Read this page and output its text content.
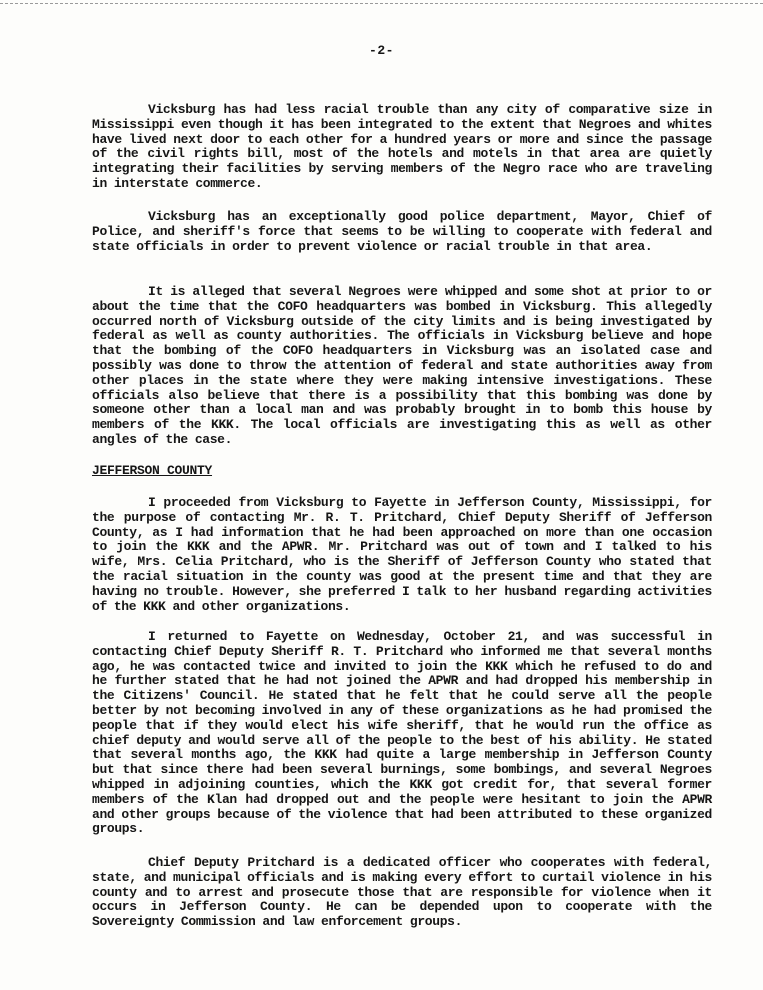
-2-

Vicksburg has had less racial trouble than any city of comparative size in Mississippi even though it has been integrated to the extent that Negroes and whites have lived next door to each other for a hundred years or more and since the passage of the civil rights bill, most of the hotels and motels in that area are quietly integrating their facilities by serving members of the Negro race who are traveling in interstate commerce.

Vicksburg has an exceptionally good police department, Mayor, Chief of Police, and sheriff's force that seems to be willing to cooperate with federal and state officials in order to prevent violence or racial trouble in that area.

It is alleged that several Negroes were whipped and some shot at prior to or about the time that the COFO headquarters was bombed in Vicksburg. This allegedly occurred north of Vicksburg outside of the city limits and is being investigated by federal as well as county authorities. The officials in Vicksburg believe and hope that the bombing of the COFO headquarters in Vicksburg was an isolated case and possibly was done to throw the attention of federal and state authorities away from other places in the state where they were making intensive investigations. These officials also believe that there is a possibility that this bombing was done by someone other than a local man and was probably brought in to bomb this house by members of the KKK. The local officials are investigating this as well as other angles of the case.

JEFFERSON COUNTY

I proceeded from Vicksburg to Fayette in Jefferson County, Mississippi, for the purpose of contacting Mr. R. T. Pritchard, Chief Deputy Sheriff of Jefferson County, as I had information that he had been approached on more than one occasion to join the KKK and the APWR. Mr. Pritchard was out of town and I talked to his wife, Mrs. Celia Pritchard, who is the Sheriff of Jefferson County who stated that the racial situation in the county was good at the present time and that they are having no trouble. However, she preferred I talk to her husband regarding activities of the KKK and other organizations.

I returned to Fayette on Wednesday, October 21, and was successful in contacting Chief Deputy Sheriff R. T. Pritchard who informed me that several months ago, he was contacted twice and invited to join the KKK which he refused to do and he further stated that he had not joined the APWR and had dropped his membership in the Citizens' Council. He stated that he felt that he could serve all the people better by not becoming involved in any of these organizations as he had promised the people that if they would elect his wife sheriff, that he would run the office as chief deputy and would serve all of the people to the best of his ability. He stated that several months ago, the KKK had quite a large membership in Jefferson County but that since there had been several burnings, some bombings, and several Negroes whipped in adjoining counties, which the KKK got credit for, that several former members of the Klan had dropped out and the people were hesitant to join the APWR and other groups because of the violence that had been attributed to these organized groups.

Chief Deputy Pritchard is a dedicated officer who cooperates with federal, state, and municipal officials and is making every effort to curtail violence in his county and to arrest and prosecute those that are responsible for violence when it occurs in Jefferson County. He can be depended upon to cooperate with the Sovereignty Commission and law enforcement groups.
